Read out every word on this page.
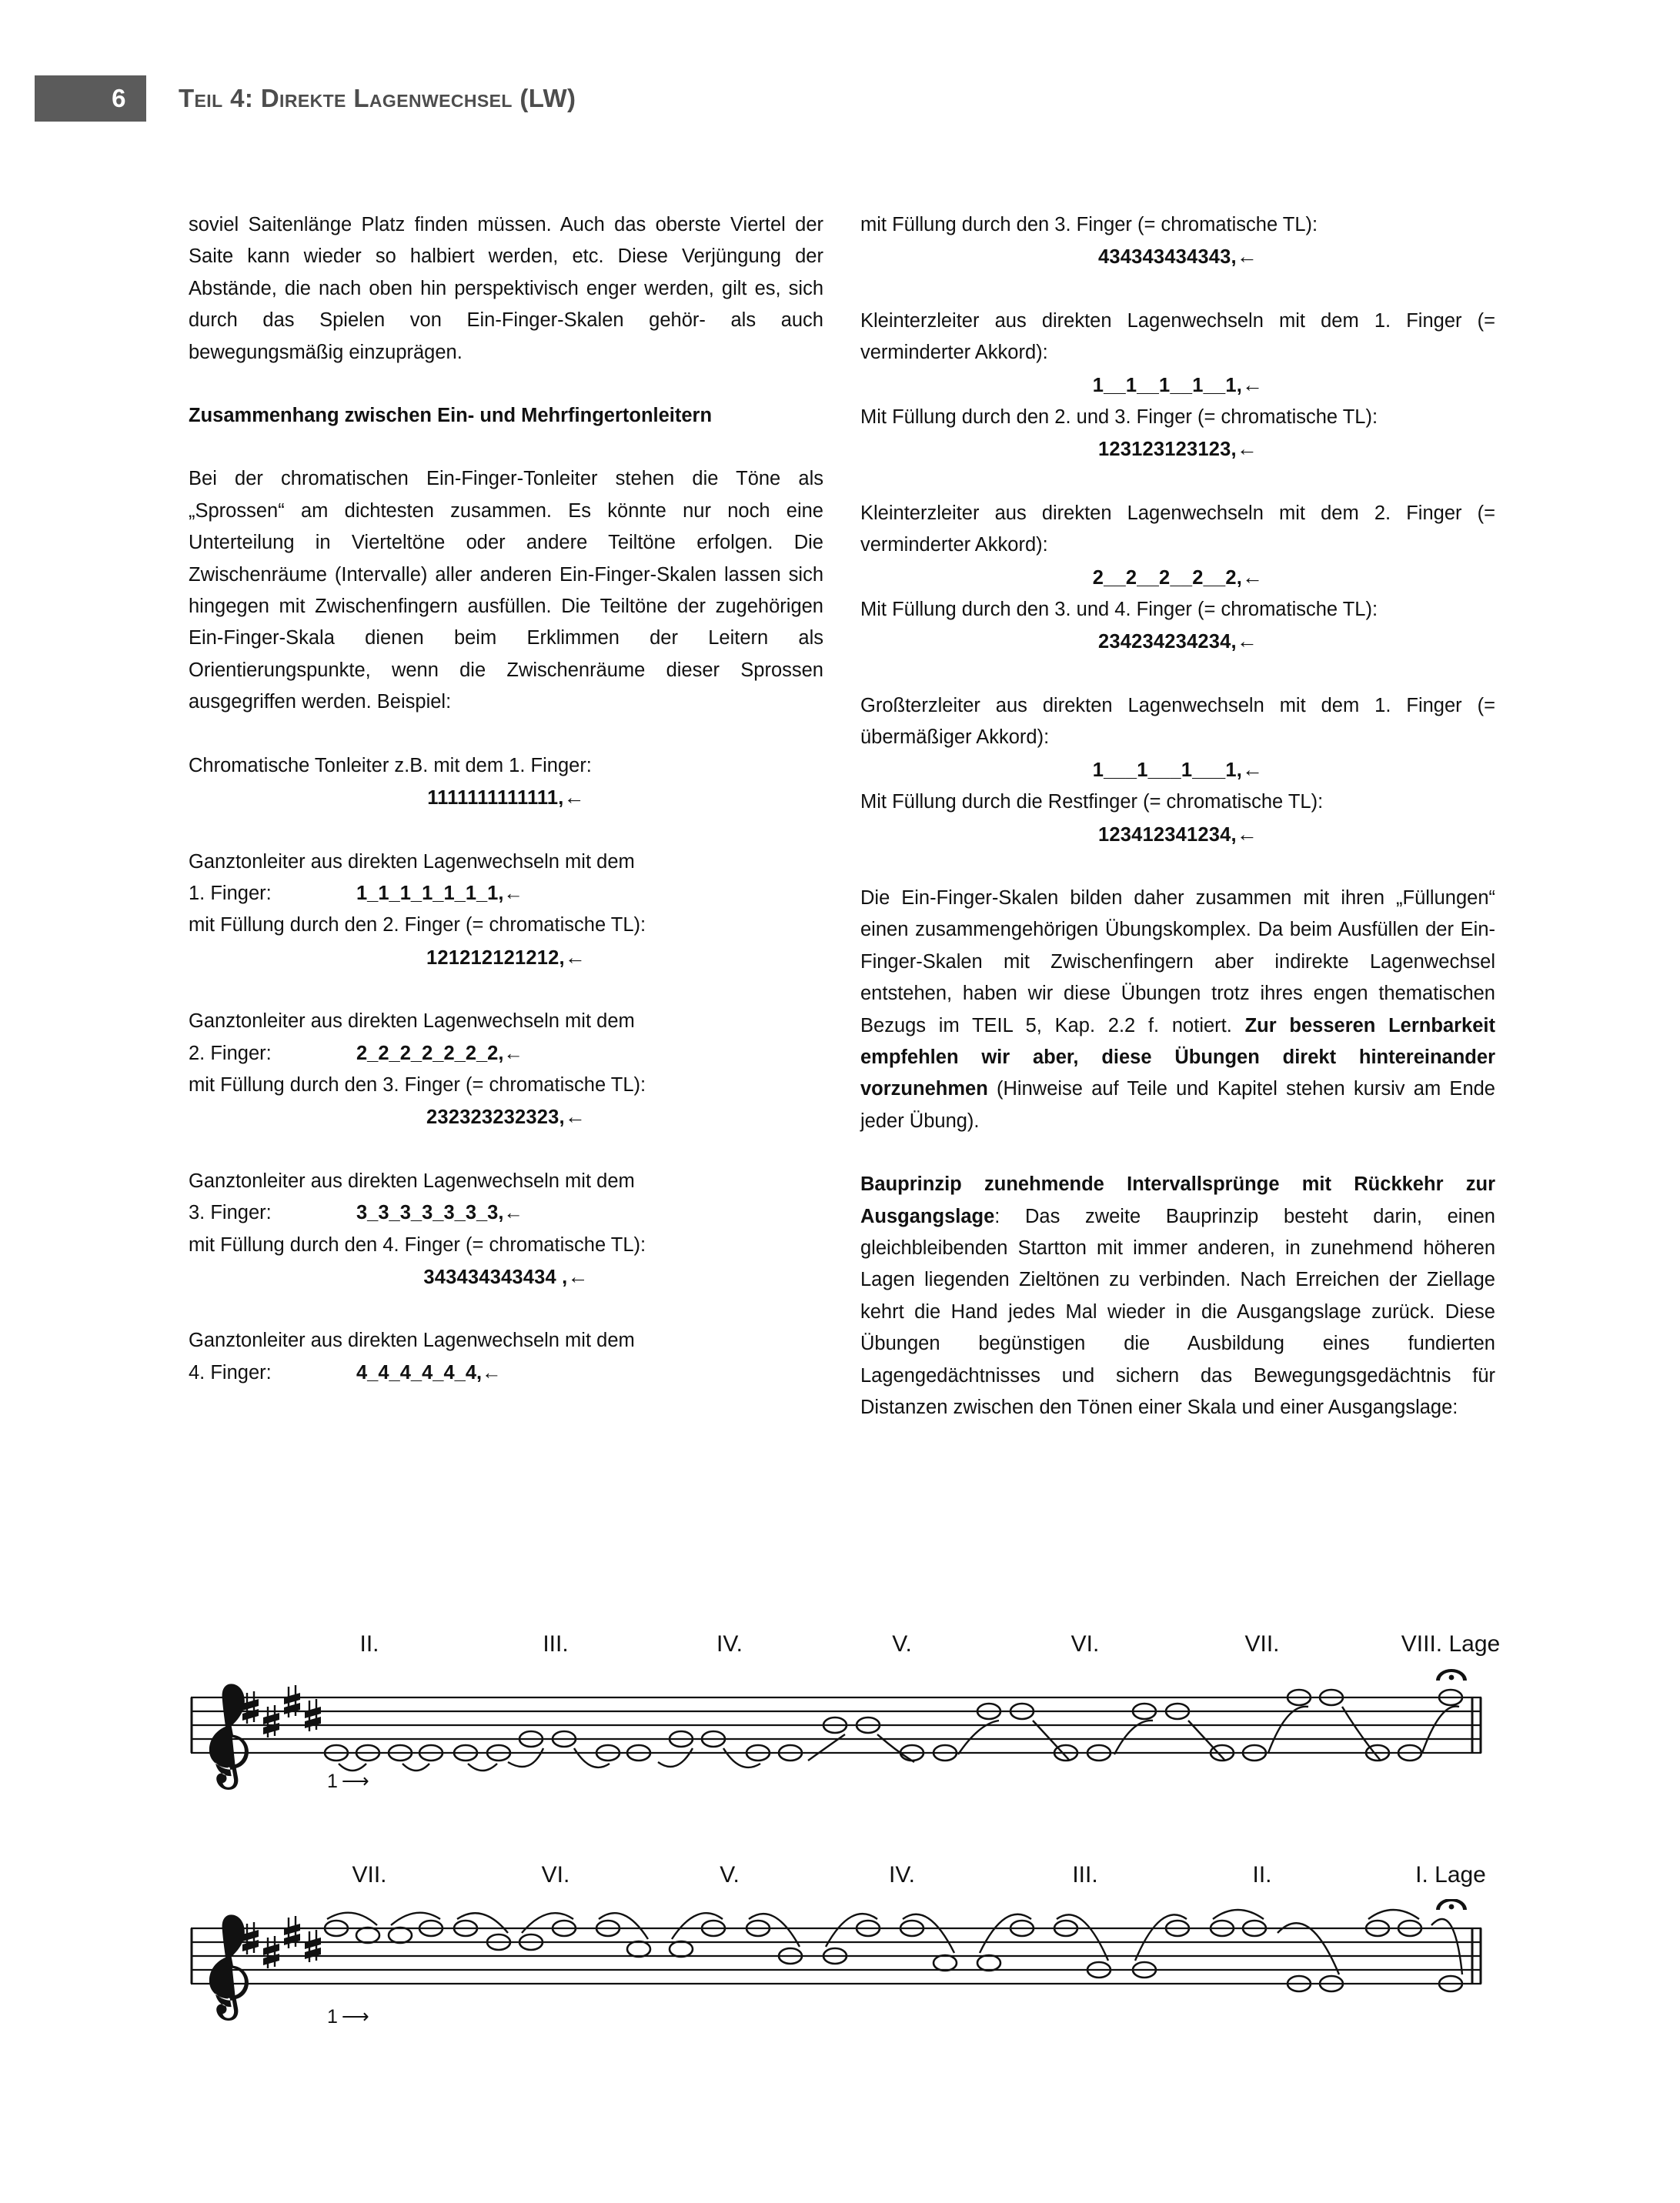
6 Teil 4: Direkte Lagenwechsel (LW)

soviel Saitenlänge Platz finden müssen. Auch das oberste Viertel der Saite kann wieder so halbiert werden, etc. Diese Verjüngung der Abstände, die nach oben hin perspektivisch enger werden, gilt es, sich durch das Spielen von Ein-Finger-Skalen gehör- als auch bewegungsmäßig einzuprägen.

Zusammenhang zwischen Ein- und Mehrfingertonleitern

Bei der chromatischen Ein-Finger-Tonleiter stehen die Töne als „Sprossen“ am dichtesten zusammen. Es könnte nur noch eine Unterteilung in Vierteltöne oder andere Teiltöne erfolgen. Die Zwischenräume (Intervalle) aller anderen Ein-Finger-Skalen lassen sich hingegen mit Zwischenfingern ausfüllen. Die Teiltöne der zugehörigen Ein-Finger-Skala dienen beim Erklimmen der Leitern als Orientierungspunkte, wenn die Zwischenräume dieser Sprossen ausgegriffen werden. Beispiel:

Chromatische Tonleiter z.B. mit dem 1. Finger:

1111111111111,←

Ganztonleiter aus direkten Lagenwechseln mit dem

1. Finger:	1_1_1_1_1_1_1,←

mit Füllung durch den 2. Finger (= chromatische TL):

121212121212,←

Ganztonleiter aus direkten Lagenwechseln mit dem

2. Finger:	2_2_2_2_2_2_2,←

mit Füllung durch den 3. Finger (= chromatische TL):

232323232323,←

Ganztonleiter aus direkten Lagenwechseln mit dem

3. Finger:	3_3_3_3_3_3_3,←

mit Füllung durch den 4. Finger (= chromatische TL):

343434343434 ,←

Ganztonleiter aus direkten Lagenwechseln mit dem

4. Finger:	4_4_4_4_4_4,←

mit Füllung durch den 3. Finger (= chromatische TL):

434343434343,←

Kleinterzleiter aus direkten Lagenwechseln mit dem 1. Finger (= verminderter Akkord):

1__1__1__1__1,←

Mit Füllung durch den 2. und 3. Finger (= chromatische TL):

123123123123,←

Kleinterzleiter aus direkten Lagenwechseln mit dem 2. Finger (= verminderter Akkord):

2__2__2__2__2,←

Mit Füllung durch den 3. und 4. Finger (= chromatische TL):

234234234234,←

Großterzleiter aus direkten Lagenwechseln mit dem 1. Finger (= übermäßiger Akkord):

1___1___1___1,←

Mit Füllung durch die Restfinger (= chromatische TL):

123412341234,←

Die Ein-Finger-Skalen bilden daher zusammen mit ihren „Füllungen“ einen zusammengehörigen Übungskomplex. Da beim Ausfüllen der Ein-Finger-Skalen mit Zwischenfingern aber indirekte Lagenwechsel entstehen, haben wir diese Übungen trotz ihres engen thematischen Bezugs im TEIL 5, Kap. 2.2 f. notiert. Zur besseren Lernbarkeit empfehlen wir aber, diese Übungen direkt hintereinander vorzunehmen (Hinweise auf Teile und Kapitel stehen kursiv am Ende jeder Übung).

Bauprinzip zunehmende Intervallsprünge mit Rückkehr zur Ausgangslage: Das zweite Bauprinzip besteht darin, einen gleichbleibenden Startton mit immer anderen, in zunehmend höheren Lagen liegenden Zieltönen zu verbinden. Nach Erreichen der Ziellage kehrt die Hand jedes Mal wieder in die Ausgangslage zurück. Diese Übungen begünstigen die Ausbildung eines fundierten Lagengedächtnisses und sichern das Bewegungsgedächtnis für Distanzen zwischen den Tönen einer Skala und einer Ausgangslage:

II.	III.	IV.	V.	VI.	VII.	VIII. Lage
1 ⟶
VII.	VI.	V.	IV.	III.	II.	I. Lage
1 ⟶
